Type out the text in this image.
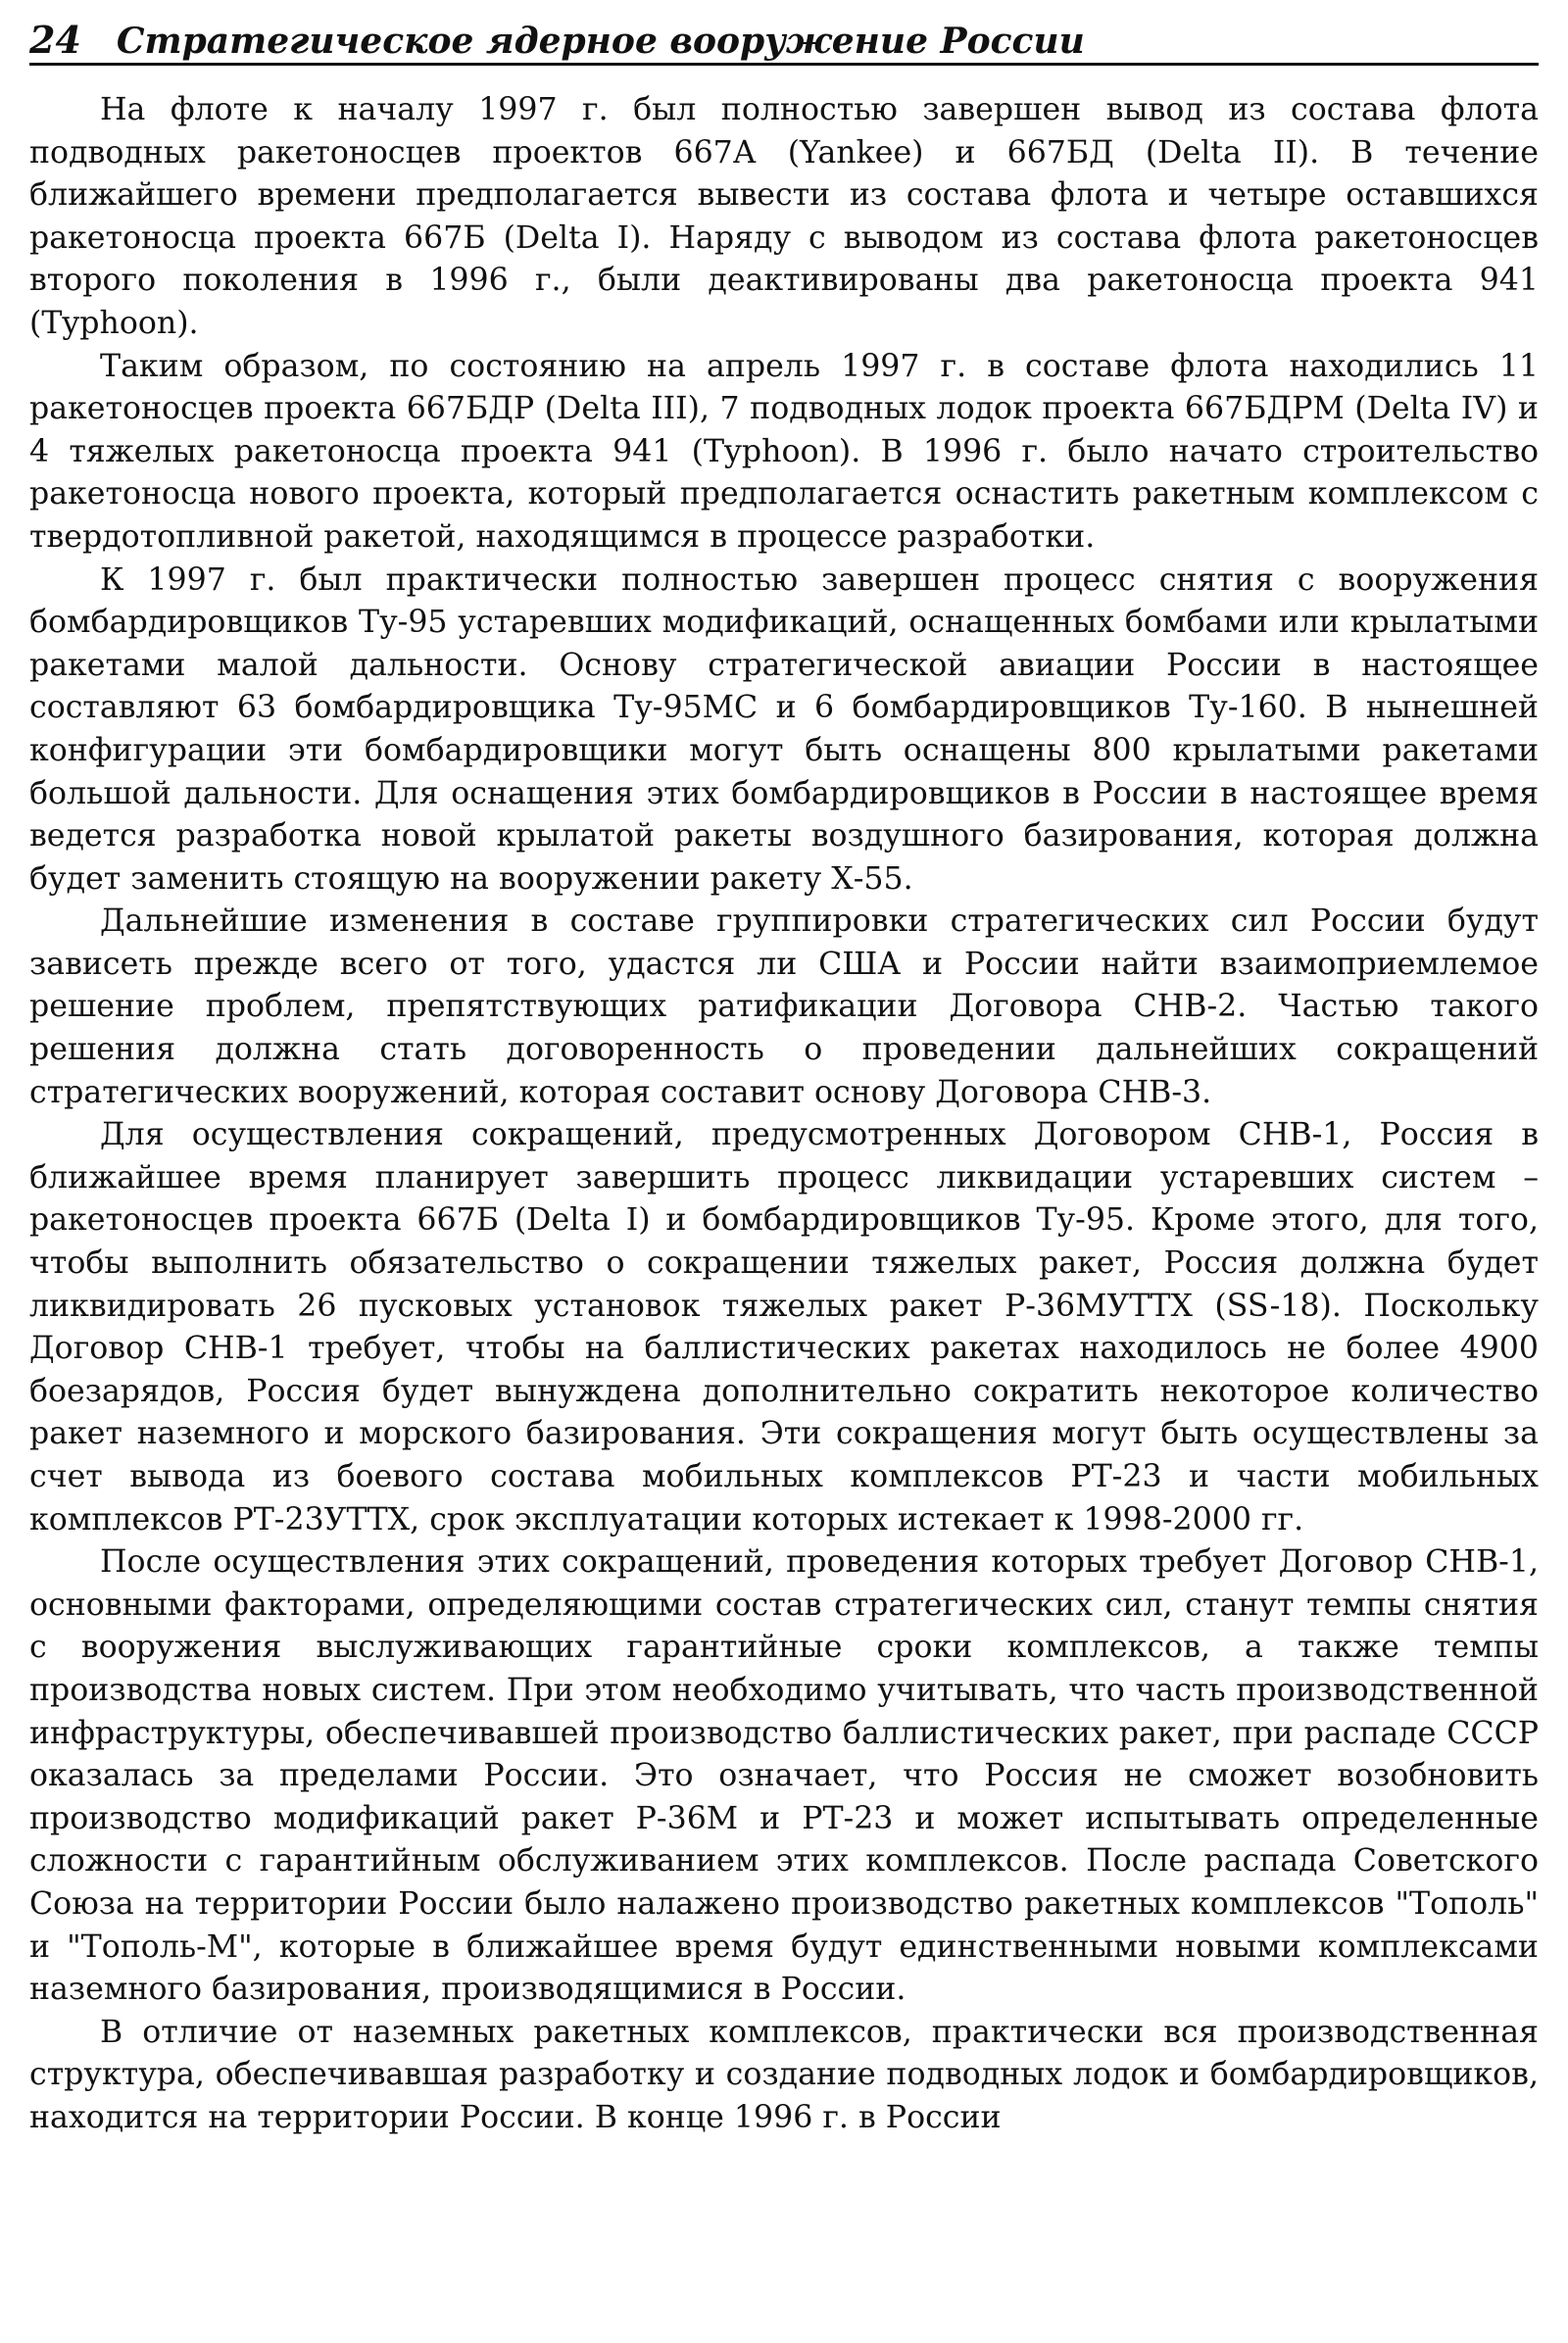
24 Стратегическое ядерное вооружение России

На флоте к началу 1997 г. был полностью завершен вывод из состава флота подводных ракетоносцев проектов 667А (Yankee) и 667БД (Delta II). В течение ближайшего времени предполагается вывести из состава флота и четыре оставшихся ракетоносца проекта 667Б (Delta I). Наряду с выводом из состава флота ракетоносцев второго поколения в 1996 г., были деактивированы два ракетоносца проекта 941 (Typhoon).

Таким образом, по состоянию на апрель 1997 г. в составе флота находились 11 ракетоносцев проекта 667БДР (Delta III), 7 подводных лодок проекта 667БДРМ (Delta IV) и 4 тяжелых ракетоносца проекта 941 (Typhoon). В 1996 г. было начато строительство ракетоносца нового проекта, который предполагается оснастить ракетным комплексом с твердотопливной ракетой, находящимся в процессе разработки.

К 1997 г. был практически полностью завершен процесс снятия с вооружения бомбардировщиков Ту-95 устаревших модификаций, оснащенных бомбами или крылатыми ракетами малой дальности. Основу стратегической авиации России в настоящее составляют 63 бомбардировщика Ту-95МС и 6 бомбардировщиков Ту-160. В нынешней конфигурации эти бомбардировщики могут быть оснащены 800 крылатыми ракетами большой дальности. Для оснащения этих бомбардировщиков в России в настоящее время ведется разработка новой крылатой ракеты воздушного базирования, которая должна будет заменить стоящую на вооружении ракету Х-55.

Дальнейшие изменения в составе группировки стратегических сил России будут зависеть прежде всего от того, удастся ли США и России найти взаимоприемлемое решение проблем, препятствующих ратификации Договора СНВ-2. Частью такого решения должна стать договоренность о проведении дальнейших сокращений стратегических вооружений, которая составит основу Договора СНВ-3.

Для осуществления сокращений, предусмотренных Договором СНВ-1, Россия в ближайшее время планирует завершить процесс ликвидации устаревших систем – ракетоносцев проекта 667Б (Delta I) и бомбардировщиков Ту-95. Кроме этого, для того, чтобы выполнить обязательство о сокращении тяжелых ракет, Россия должна будет ликвидировать 26 пусковых установок тяжелых ракет Р-36МУТТХ (SS-18). Поскольку Договор СНВ-1 требует, чтобы на баллистических ракетах находилось не более 4900 боезарядов, Россия будет вынуждена дополнительно сократить некоторое количество ракет наземного и морского базирования. Эти сокращения могут быть осуществлены за счет вывода из боевого состава мобильных комплексов РТ-23 и части мобильных комплексов РТ-23УТТХ, срок эксплуатации которых истекает к 1998-2000 гг.

После осуществления этих сокращений, проведения которых требует Договор СНВ-1, основными факторами, определяющими состав стратегических сил, станут темпы снятия с вооружения выслуживающих гарантийные сроки комплексов, а также темпы производства новых систем. При этом необходимо учитывать, что часть производственной инфраструктуры, обеспечивавшей производство баллистических ракет, при распаде СССР оказалась за пределами России. Это означает, что Россия не сможет возобновить производство модификаций ракет Р-36М и РТ-23 и может испытывать определенные сложности с гарантийным обслуживанием этих комплексов. После распада Советского Союза на территории России было налажено производство ракетных комплексов "Тополь" и "Тополь-М", которые в ближайшее время будут единственными новыми комплексами наземного базирования, производящимися в России.

В отличие от наземных ракетных комплексов, практически вся производственная структура, обеспечивавшая разработку и создание подводных лодок и бомбардировщиков, находится на территории России. В конце 1996 г. в России
